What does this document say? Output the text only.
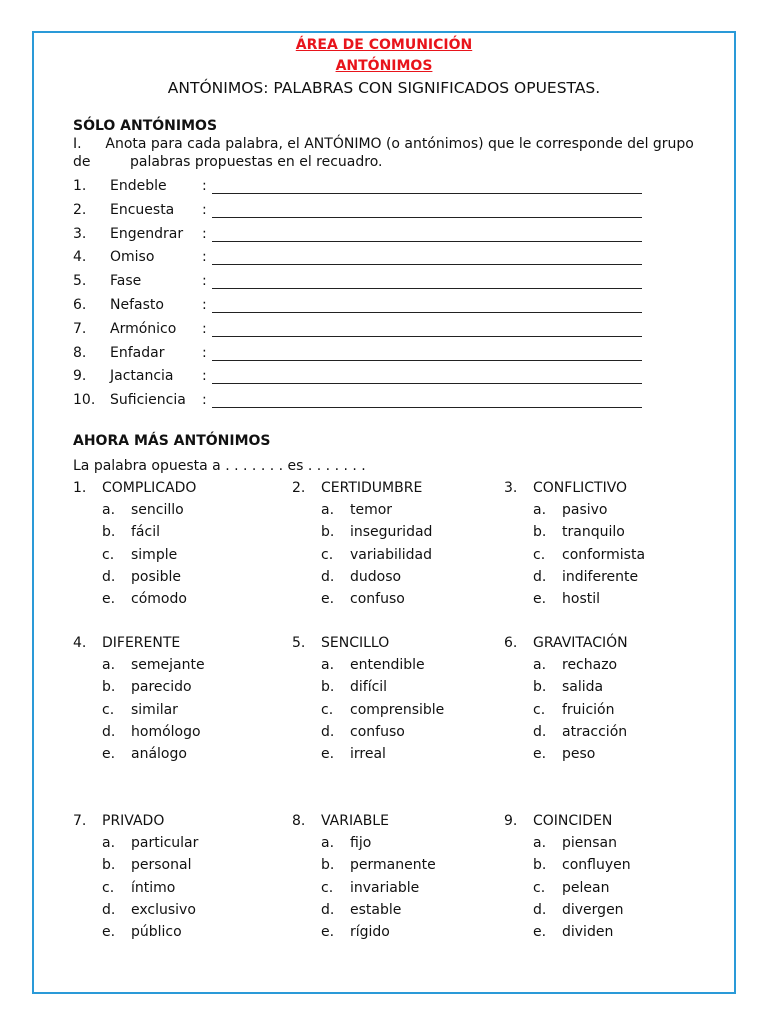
ÁREA DE COMUNICIÓN
ANTÓNIMOS
ANTÓNIMOS: PALABRAS CON SIGNIFICADOS OPUESTAS.
SÓLO ANTÓNIMOS
I.	Anota para cada palabra, el ANTÓNIMO (o antónimos) que le corresponde del grupo
de	palabras propuestas en el recuadro.
1.	Endeble	:
2.	Encuesta	:
3.	Engendrar	:
4.	Omiso	:
5.	Fase	:
6.	Nefasto	:
7.	Armónico	:
8.	Enfadar	:
9.	Jactancia	:
10.	Suficiencia	:
AHORA MÁS ANTÓNIMOS
La palabra opuesta a . . . . . . . es . . . . . . .
1.	COMPLICADO
a.	sencillo
b.	fácil
c.	simple
d.	posible
e.	cómodo
2.	CERTIDUMBRE
a.	temor
b.	inseguridad
c.	variabilidad
d.	dudoso
e.	confuso
3.	CONFLICTIVO
a.	pasivo
b.	tranquilo
c.	conformista
d.	indiferente
e.	hostil
4.	DIFERENTE
a.	semejante
b.	parecido
c.	similar
d.	homólogo
e.	análogo
5.	SENCILLO
a.	entendible
b.	difícil
c.	comprensible
d.	confuso
e.	irreal
6.	GRAVITACIÓN
a.	rechazo
b.	salida
c.	fruición
d.	atracción
e.	peso
7.	PRIVADO
a.	particular
b.	personal
c.	íntimo
d.	exclusivo
e.	público
8.	VARIABLE
a.	fijo
b.	permanente
c.	invariable
d.	estable
e.	rígido
9.	COINCIDEN
a.	piensan
b.	confluyen
c.	pelean
d.	divergen
e.	dividen
